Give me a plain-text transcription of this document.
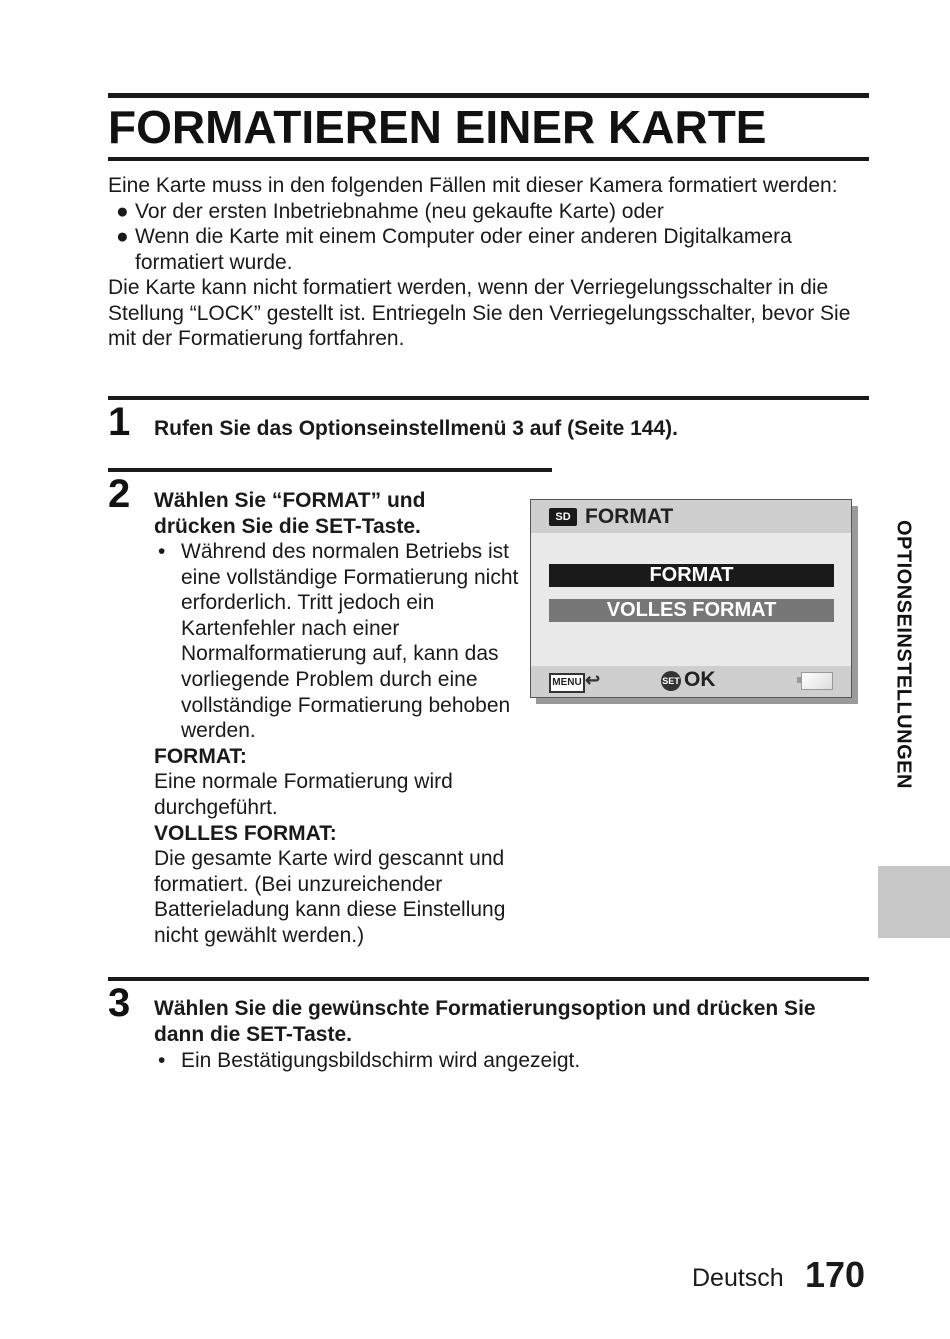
FORMATIEREN EINER KARTE

Eine Karte muss in den folgenden Fällen mit dieser Kamera formatiert werden:

● Vor der ersten Inbetriebnahme (neu gekaufte Karte) oder
● Wenn die Karte mit einem Computer oder einer anderen Digitalkamera formatiert wurde.

Die Karte kann nicht formatiert werden, wenn der Verriegelungsschalter in die Stellung “LOCK” gestellt ist. Entriegeln Sie den Verriegelungsschalter, bevor Sie mit der Formatierung fortfahren.

1 Rufen Sie das Optionseinstellmenü 3 auf (Seite 144).
2 Wählen Sie “FORMAT” und drücken Sie die SET-Taste.
• Während des normalen Betriebs ist eine vollständige Formatierung nicht erforderlich. Tritt jedoch ein Kartenfehler nach einer Normalformatierung auf, kann das vorliegende Problem durch eine vollständige Formatierung behoben werden.

FORMAT:

Eine normale Formatierung wird durchgeführt.

VOLLES FORMAT:

Die gesamte Karte wird gescannt und formatiert. (Bei unzureichender Batterieladung kann diese Einstellung nicht gewählt werden.)

SD FORMAT
FORMAT
VOLLES FORMAT
MENU ↩	SET OK
3 Wählen Sie die gewünschte Formatierungsoption und drücken Sie dann die SET-Taste.
• Ein Bestätigungsbildschirm wird angezeigt.
OPTIONSEINSTELLUNGEN
Deutsch 170
